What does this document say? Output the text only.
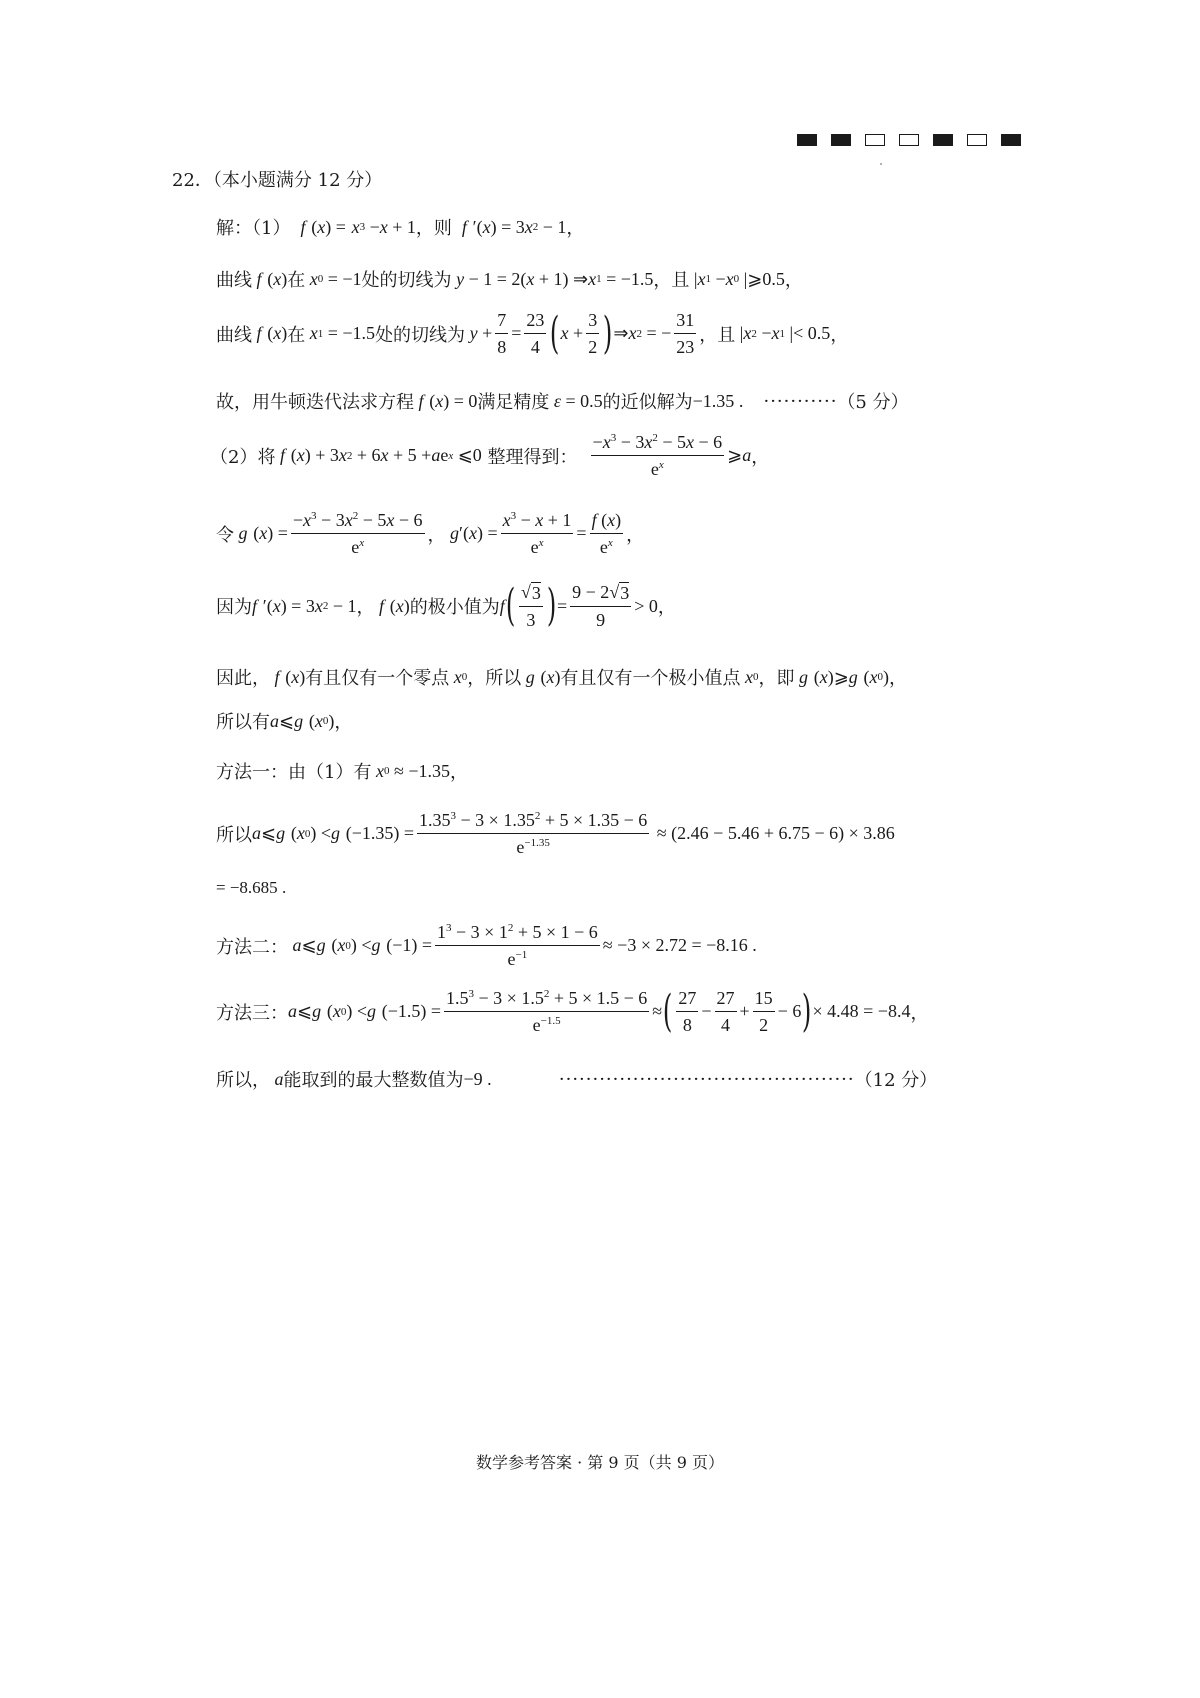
22．（本小题满分 12 分）
解：（1） f
( x ) =
x 3 − x + 1 ，则 f
′( x ) = 3 x 2 − 1 ，
曲线 f
( x ) 在 x 0 = −1 处的切线为 y − 1 = 2( x + 1) ⇒ x 1 = −1.5 ，且 | x 1 − x 0 |⩾0.5 ，
曲线 f
( x ) 在 x 1 = −1.5 处的切线为 $y + \frac{7}{8} = \frac{23}{4}$ ( $x + \frac{3}{2}$ ) ⇒ x 2 = − $\frac{31}{23}$ ，且 | x 2 − x 1 |< 0.5 ，
故，用牛顿迭代法求方程 f
( x ) = 0 满足精度 ε = 0.5 的近似解为 −1.35 . ··········· （5 分）
（2）将 f
( x ) + 3 x 2 + 6 x + 5 + a e x ⩽0
整理得到： $\frac{-x^3 - 3x^2 - 5x - 6}{e^x}$ ⩾ a ，
令 g
( x ) = $\frac{-x^3 - 3x^2 - 5x - 6}{e^x}$ ， g ′( x ) = $\frac{x^3 - x + 1}{e^x} = \frac{f (x)}{e^x}$ ，
因为 f
′( x ) = 3 x 2 − 1 ， f
( x ) 的极小值为 f ( $\frac{√ 3}{3}$ ) = $\frac{9 - 2 √ 3}{9} > 0$ ，
因此， f
( x ) 有且仅有一个零点 x 0 ，所以 g
( x ) 有且仅有一个极小值点 x 0 ，即 g
( x )⩾ g
( x 0 ) ，
所以有 a ⩽ g
( x 0 ) ，
方法一：由（1）有 x 0 ≈ −1.35 ，
所以 a ⩽ g
( x 0 ) < g
$(-1.35) = \frac{1.35^3 - 3 \times 1.35^2 + 5 \times 1.35 - 6}{e^{-1.35}} \approx (2.46 - 5.46 + 6.75 - 6) \times 3.86$
= −8.685 .
方法二： a ⩽ g
( x 0 ) < g
$(-1) = \frac{1^3 - 3 \times 1^2 + 5 \times 1 - 6}{e^{-1}} \approx -3 \times 2.72 = -8.16$ .
方法三： a ⩽ g
( x 0 ) < g
$(-1.5) = \frac{1.5^3 - 3 \times 1.5^2 + 5 \times 1.5 - 6}{e^{-1.5}}$ ≈ ( $\frac{27}{8} - \frac{27}{4} + \frac{15}{2} - 6$ ) × 4.48 = −8.4 ，
所以， a 能取到的最大整数值为 −9 . ············································ （12 分）
数学参考答案 · 第 9 页（共 9 页）
